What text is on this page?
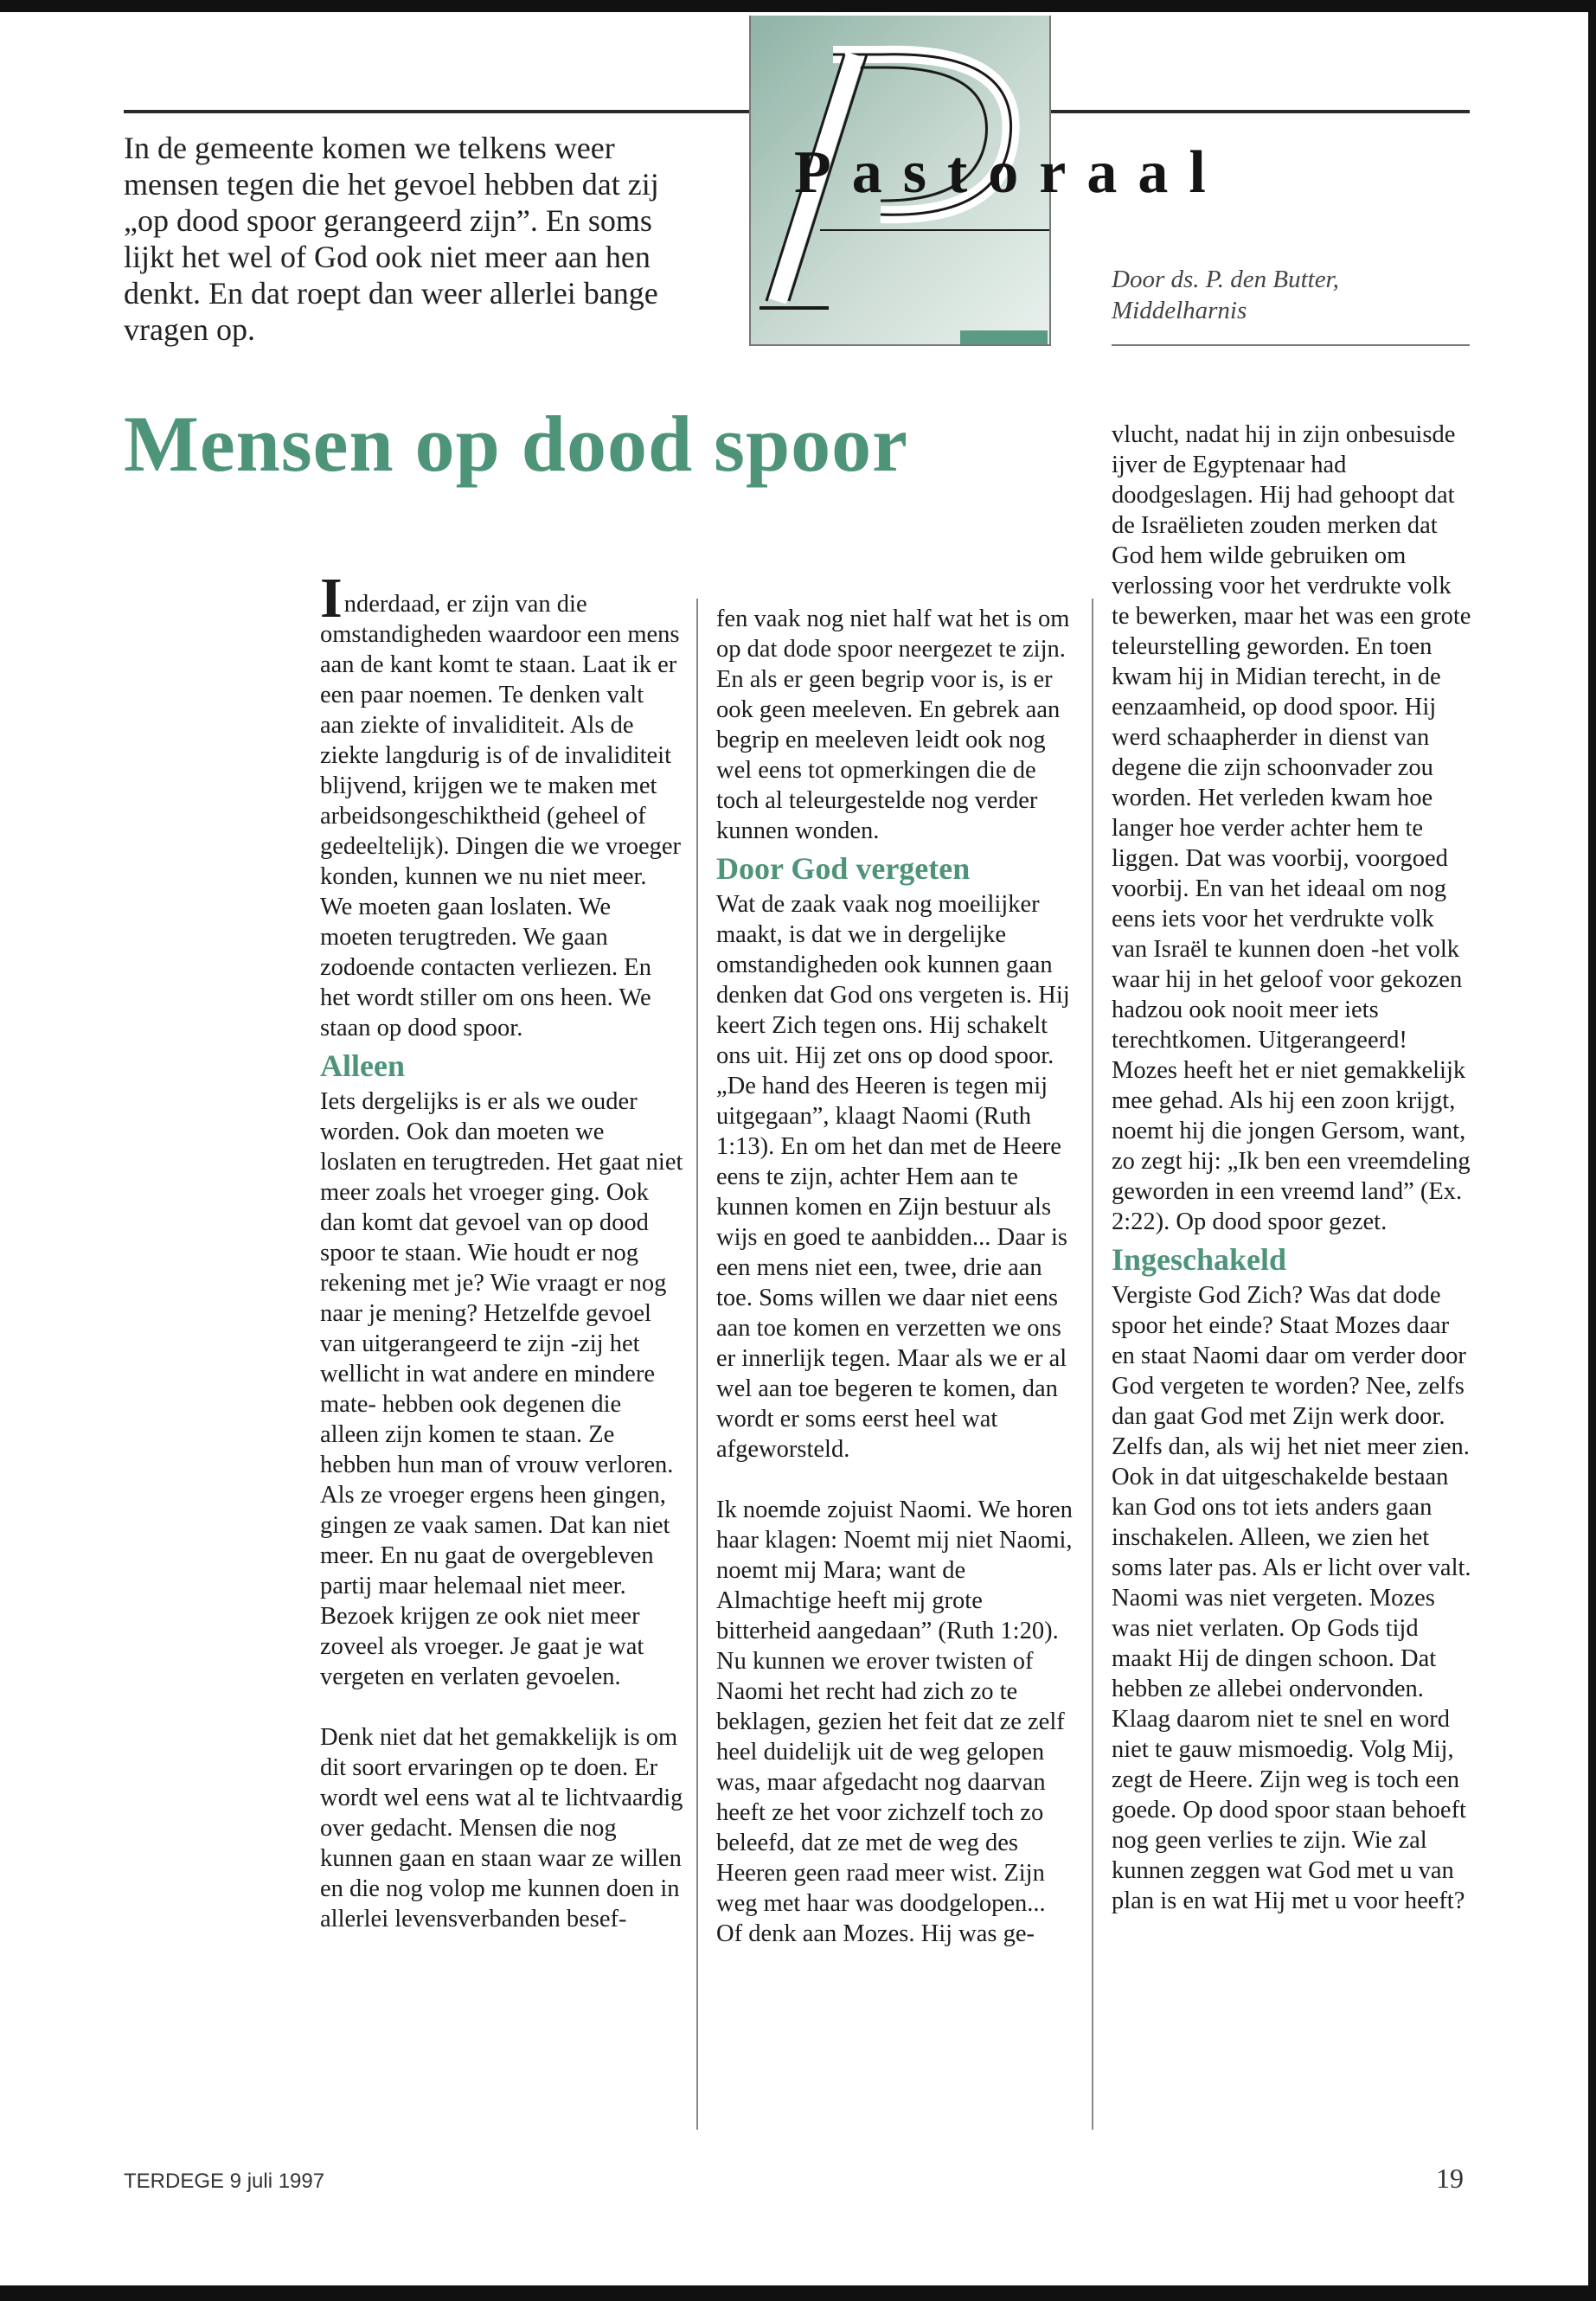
In de gemeente komen we telkens weer mensen tegen die het gevoel hebben dat zij „op dood spoor gerangeerd zijn”. En soms lijkt het wel of God ook niet meer aan hen denkt. En dat roept dan weer allerlei bange vragen op.
Pastoraal
Door ds. P. den Butter,
Middelharnis
Mensen op dood spoor

Inderdaad, er zijn van die omstandigheden waardoor een mens aan de kant komt te staan. Laat ik er een paar noemen. Te denken valt aan ziekte of invaliditeit. Als de ziekte langdurig is of de invaliditeit blijvend, krijgen we te maken met arbeidsongeschiktheid (geheel of gedeeltelijk). Dingen die we vroeger konden, kunnen we nu niet meer. We moeten gaan loslaten. We moeten terugtreden. We gaan zodoende contacten verliezen. En het wordt stiller om ons heen. We staan op dood spoor.

Alleen

Iets dergelijks is er als we ouder worden. Ook dan moeten we loslaten en terugtreden. Het gaat niet meer zoals het vroeger ging. Ook dan komt dat gevoel van op dood spoor te staan. Wie houdt er nog rekening met je? Wie vraagt er nog naar je mening? Hetzelfde gevoel van uitgerangeerd te zijn -zij het wellicht in wat andere en mindere mate- hebben ook degenen die alleen zijn komen te staan. Ze hebben hun man of vrouw verloren. Als ze vroeger ergens heen gingen, gingen ze vaak samen. Dat kan niet meer. En nu gaat de overgebleven partij maar helemaal niet meer. Bezoek krijgen ze ook niet meer zoveel als vroeger. Je gaat je wat vergeten en verlaten gevoelen.

Denk niet dat het gemakkelijk is om dit soort ervaringen op te doen. Er wordt wel eens wat al te lichtvaardig over gedacht. Mensen die nog kunnen gaan en staan waar ze willen en die nog volop me kunnen doen in allerlei levensverbanden besef-

fen vaak nog niet half wat het is om op dat dode spoor neergezet te zijn. En als er geen begrip voor is, is er ook geen meeleven. En gebrek aan begrip en meeleven leidt ook nog wel eens tot opmerkingen die de toch al teleurgestelde nog verder kunnen wonden.

Door God vergeten

Wat de zaak vaak nog moeilijker maakt, is dat we in dergelijke omstandigheden ook kunnen gaan denken dat God ons vergeten is. Hij keert Zich tegen ons. Hij schakelt ons uit. Hij zet ons op dood spoor. „De hand des Heeren is tegen mij uitgegaan”, klaagt Naomi (Ruth 1:13). En om het dan met de Heere eens te zijn, achter Hem aan te kunnen komen en Zijn bestuur als wijs en goed te aanbidden... Daar is een mens niet een, twee, drie aan toe. Soms willen we daar niet eens aan toe komen en verzetten we ons er innerlijk tegen. Maar als we er al wel aan toe begeren te komen, dan wordt er soms eerst heel wat afgeworsteld.

Ik noemde zojuist Naomi. We horen haar klagen: Noemt mij niet Naomi, noemt mij Mara; want de Almachtige heeft mij grote bitterheid aangedaan” (Ruth 1:20). Nu kunnen we erover twisten of Naomi het recht had zich zo te beklagen, gezien het feit dat ze zelf heel duidelijk uit de weg gelopen was, maar afgedacht nog daarvan heeft ze het voor zichzelf toch zo beleefd, dat ze met de weg des Heeren geen raad meer wist. Zijn weg met haar was doodgelopen...

Of denk aan Mozes. Hij was ge-

vlucht, nadat hij in zijn onbesuisde ijver de Egyptenaar had doodgeslagen. Hij had gehoopt dat de Israëlieten zouden merken dat God hem wilde gebruiken om verlossing voor het verdrukte volk te bewerken, maar het was een grote teleurstelling geworden. En toen kwam hij in Midian terecht, in de eenzaamheid, op dood spoor. Hij werd schaapherder in dienst van degene die zijn schoonvader zou worden. Het verleden kwam hoe langer hoe verder achter hem te liggen. Dat was voorbij, voorgoed voorbij. En van het ideaal om nog eens iets voor het verdrukte volk van Israël te kunnen doen -het volk waar hij in het geloof voor gekozen hadzou ook nooit meer iets terechtkomen. Uitgerangeerd! Mozes heeft het er niet gemakkelijk mee gehad. Als hij een zoon krijgt, noemt hij die jongen Gersom, want, zo zegt hij: „Ik ben een vreemdeling geworden in een vreemd land” (Ex. 2:22). Op dood spoor gezet.

Ingeschakeld

Vergiste God Zich? Was dat dode spoor het einde? Staat Mozes daar en staat Naomi daar om verder door God vergeten te worden? Nee, zelfs dan gaat God met Zijn werk door. Zelfs dan, als wij het niet meer zien. Ook in dat uitgeschakelde bestaan kan God ons tot iets anders gaan inschakelen. Alleen, we zien het soms later pas. Als er licht over valt. Naomi was niet vergeten. Mozes was niet verlaten. Op Gods tijd maakt Hij de dingen schoon. Dat hebben ze allebei ondervonden. Klaag daarom niet te snel en word niet te gauw mismoedig. Volg Mij, zegt de Heere. Zijn weg is toch een goede. Op dood spoor staan behoeft nog geen verlies te zijn. Wie zal kunnen zeggen wat God met u van plan is en wat Hij met u voor heeft?

TERDEGE 9 juli 1997	19
